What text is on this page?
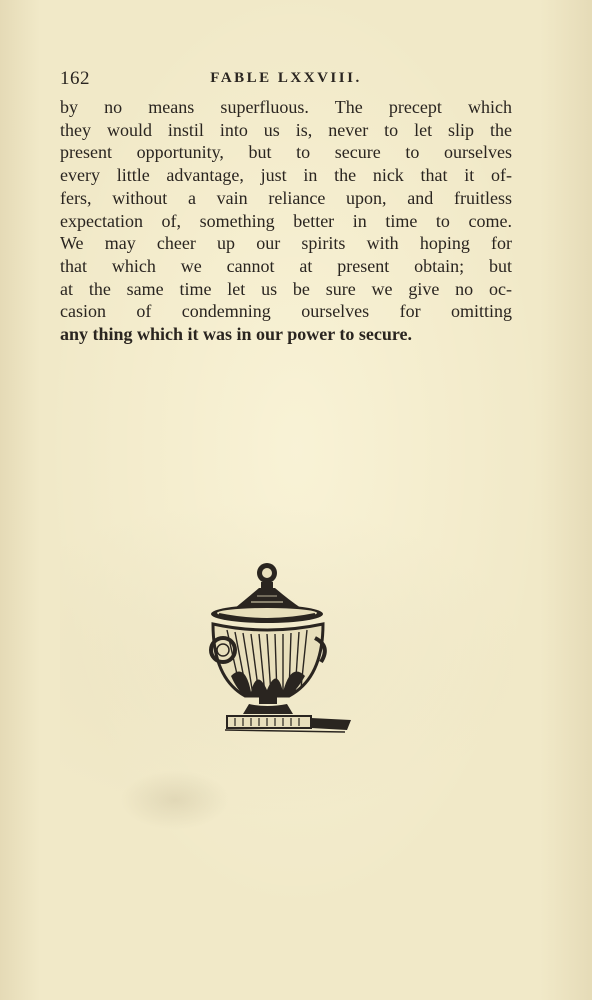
162	FABLE LXXVIII.
by no means superfluous. The precept which
they would instil into us is, never to let slip the
present opportunity, but to secure to ourselves
every little advantage, just in the nick that it of-
fers, without a vain reliance upon, and fruitless
expectation of, something better in time to come.
We may cheer up our spirits with hoping for
that which we cannot at present obtain; but
at the same time let us be sure we give no oc-
casion of condemning ourselves for omitting
any thing which it was in our power to secure.
